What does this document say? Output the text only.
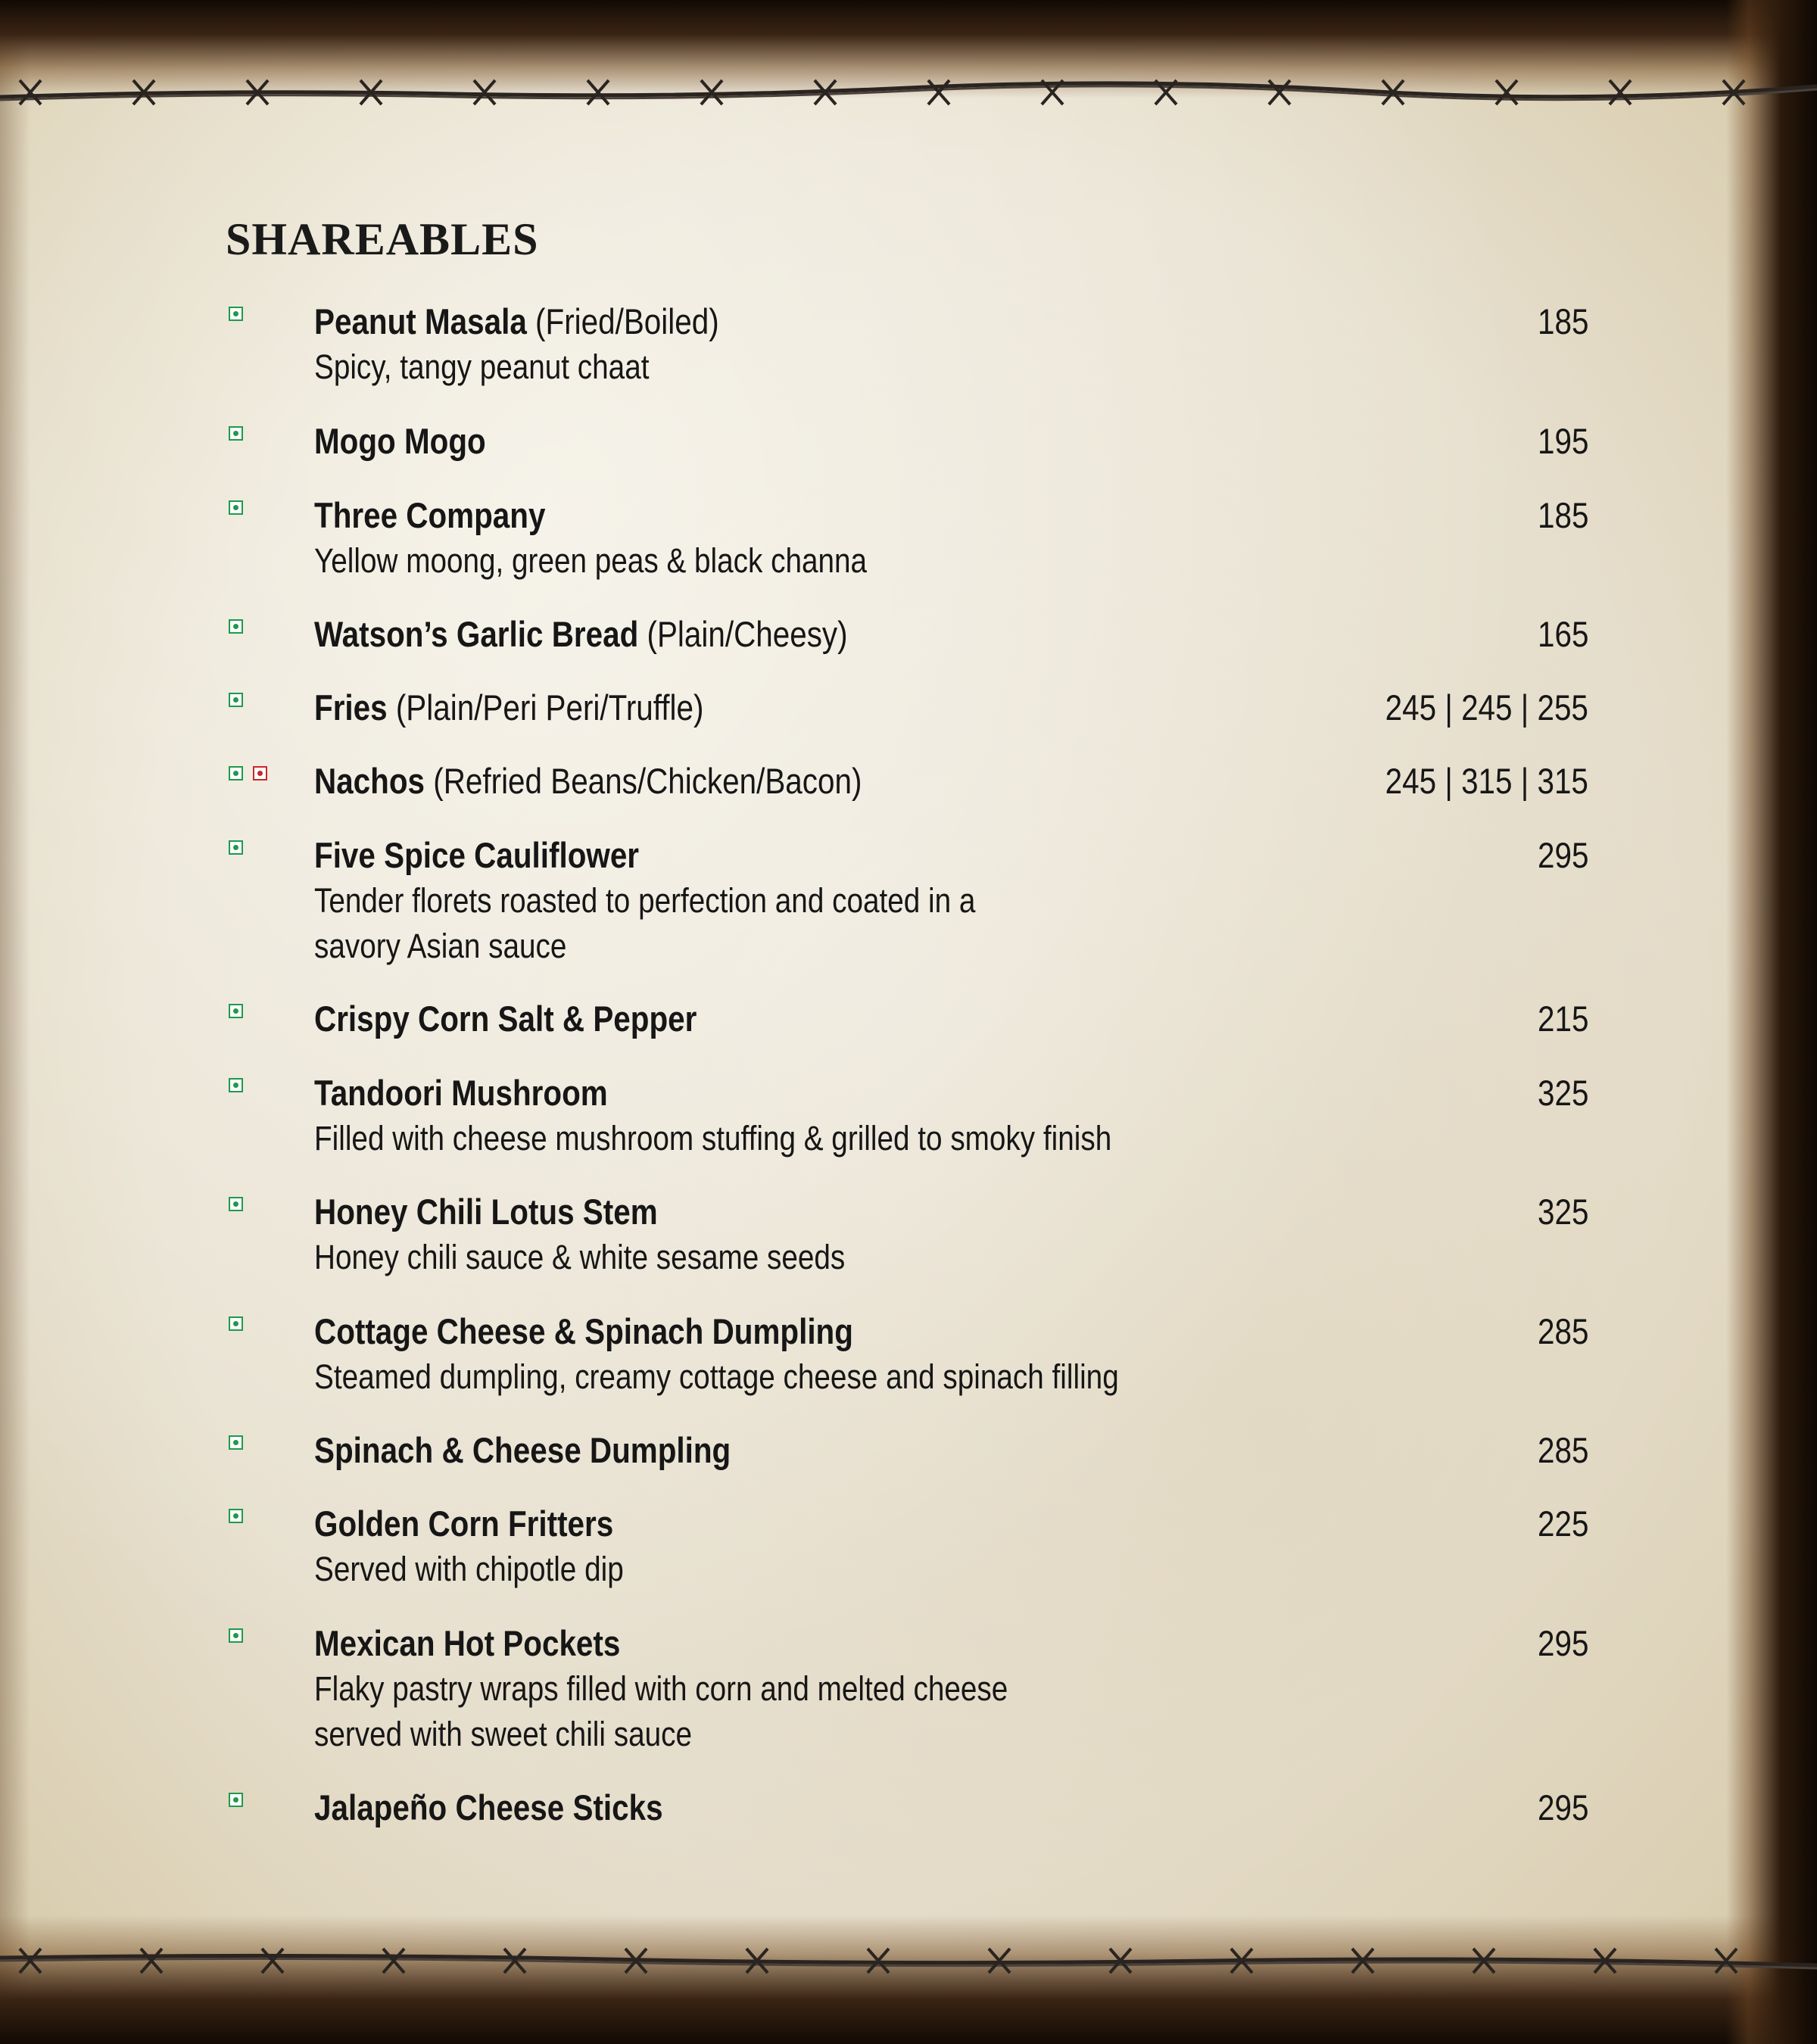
SHAREABLES
Peanut Masala (Fried/Boiled)
Spicy, tangy peanut chaat
185
Mogo Mogo	195
Three Company
Yellow moong, green peas & black channa
185
Watson’s Garlic Bread (Plain/Cheesy)	165
Fries (Plain/Peri Peri/Truffle)	245 | 245 | 255
Nachos (Refried Beans/Chicken/Bacon)	245 | 315 | 315
Five Spice Cauliflower
Tender florets roasted to perfection and coated in a
savory Asian sauce
295
Crispy Corn Salt & Pepper	215
Tandoori Mushroom
Filled with cheese mushroom stuffing & grilled to smoky finish
325
Honey Chili Lotus Stem
Honey chili sauce & white sesame seeds
325
Cottage Cheese & Spinach Dumpling
Steamed dumpling, creamy cottage cheese and spinach filling
285
Spinach & Cheese Dumpling	285
Golden Corn Fritters
Served with chipotle dip
225
Mexican Hot Pockets
Flaky pastry wraps filled with corn and melted cheese
served with sweet chili sauce
295
Jalapeño Cheese Sticks	295
